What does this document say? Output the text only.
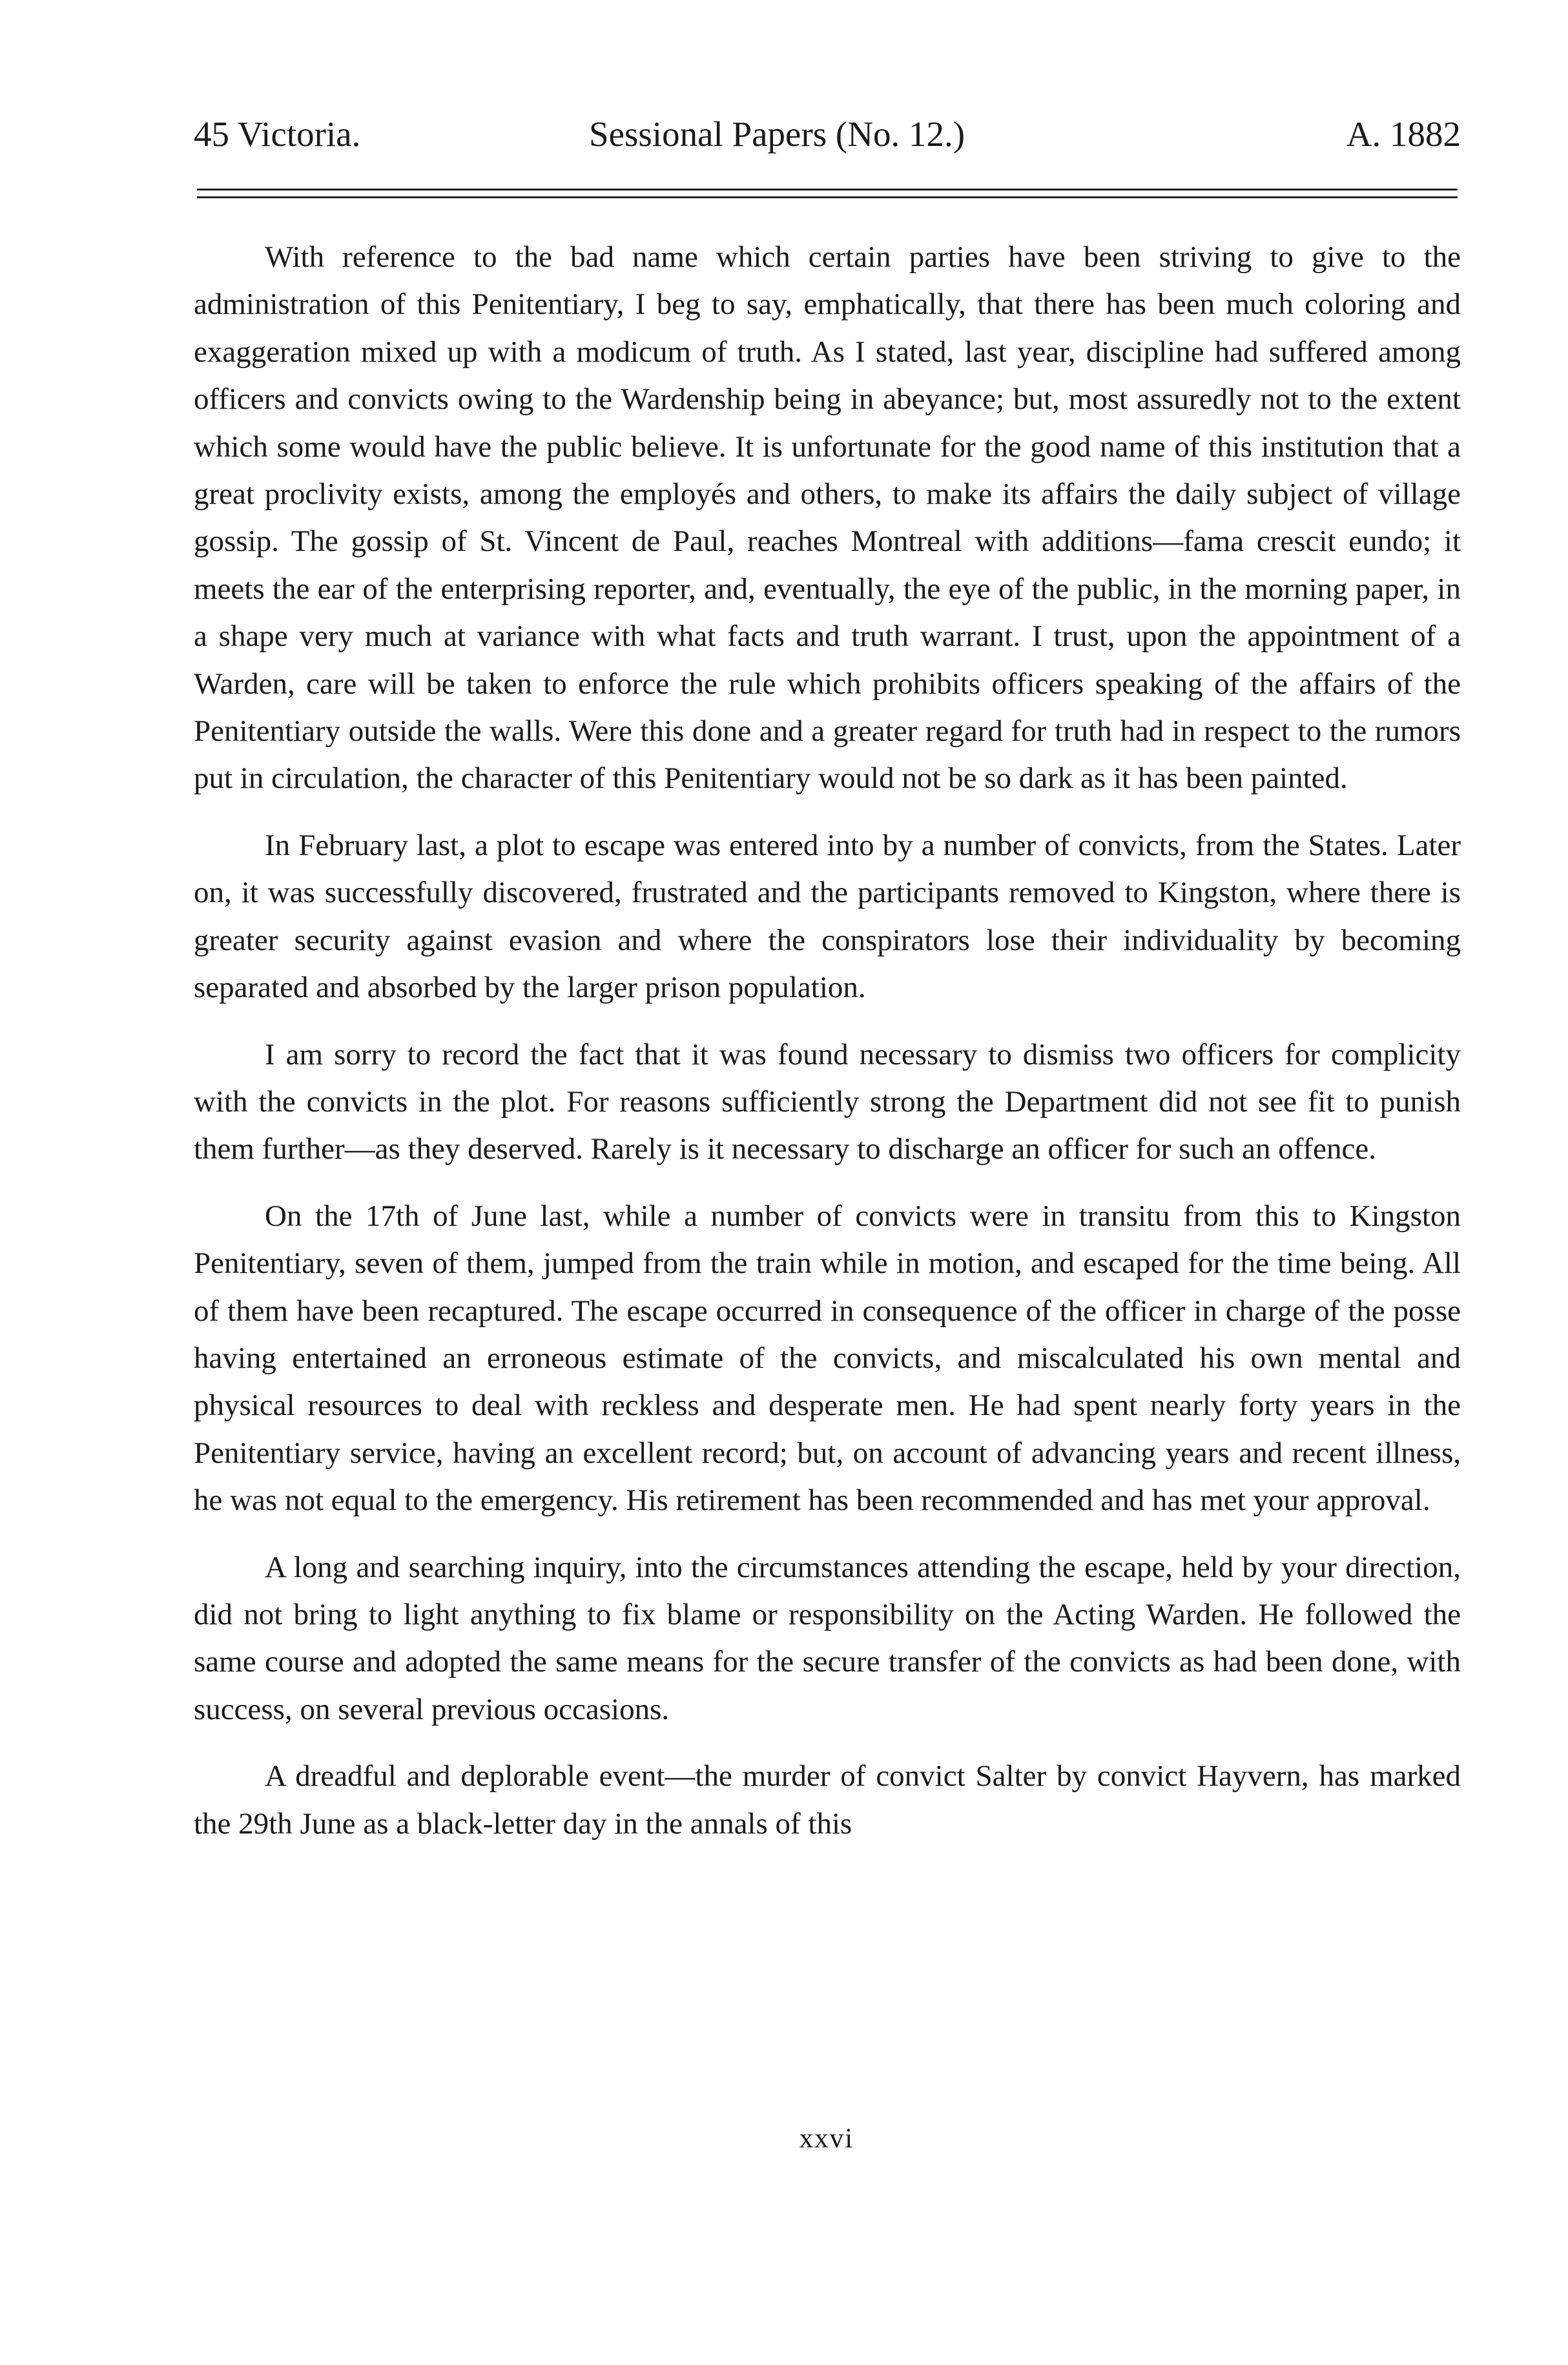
45 Victoria.	Sessional Papers (No. 12.)	A. 1882

With reference to the bad name which certain parties have been striving to give to the administration of this Penitentiary, I beg to say, emphatically, that there has been much coloring and exaggeration mixed up with a modicum of truth. As I stated, last year, discipline had suffered among officers and convicts owing to the Wardenship being in abeyance; but, most assuredly not to the extent which some would have the public believe. It is unfortunate for the good name of this institution that a great proclivity exists, among the employés and others, to make its affairs the daily subject of village gossip. The gossip of St. Vincent de Paul, reaches Montreal with additions—fama crescit eundo; it meets the ear of the enterprising reporter, and, eventually, the eye of the public, in the morning paper, in a shape very much at variance with what facts and truth warrant. I trust, upon the appointment of a Warden, care will be taken to enforce the rule which prohibits officers speaking of the affairs of the Penitentiary outside the walls. Were this done and a greater regard for truth had in respect to the rumors put in circulation, the character of this Penitentiary would not be so dark as it has been painted.

In February last, a plot to escape was entered into by a number of convicts, from the States. Later on, it was successfully discovered, frustrated and the participants removed to Kingston, where there is greater security against evasion and where the conspirators lose their individuality by becoming separated and absorbed by the larger prison population.

I am sorry to record the fact that it was found necessary to dismiss two officers for complicity with the convicts in the plot. For reasons sufficiently strong the Department did not see fit to punish them further—as they deserved. Rarely is it necessary to discharge an officer for such an offence.

On the 17th of June last, while a number of convicts were in transitu from this to Kingston Penitentiary, seven of them, jumped from the train while in motion, and escaped for the time being. All of them have been recaptured. The escape occurred in consequence of the officer in charge of the posse having entertained an erroneous estimate of the convicts, and miscalculated his own mental and physical resources to deal with reckless and desperate men. He had spent nearly forty years in the Penitentiary service, having an excellent record; but, on account of advancing years and recent illness, he was not equal to the emergency. His retirement has been recommended and has met your approval.

A long and searching inquiry, into the circumstances attending the escape, held by your direction, did not bring to light anything to fix blame or responsibility on the Acting Warden. He followed the same course and adopted the same means for the secure transfer of the convicts as had been done, with success, on several previous occasions.

A dreadful and deplorable event—the murder of convict Salter by convict Hayvern, has marked the 29th June as a black-letter day in the annals of this

xxvi
